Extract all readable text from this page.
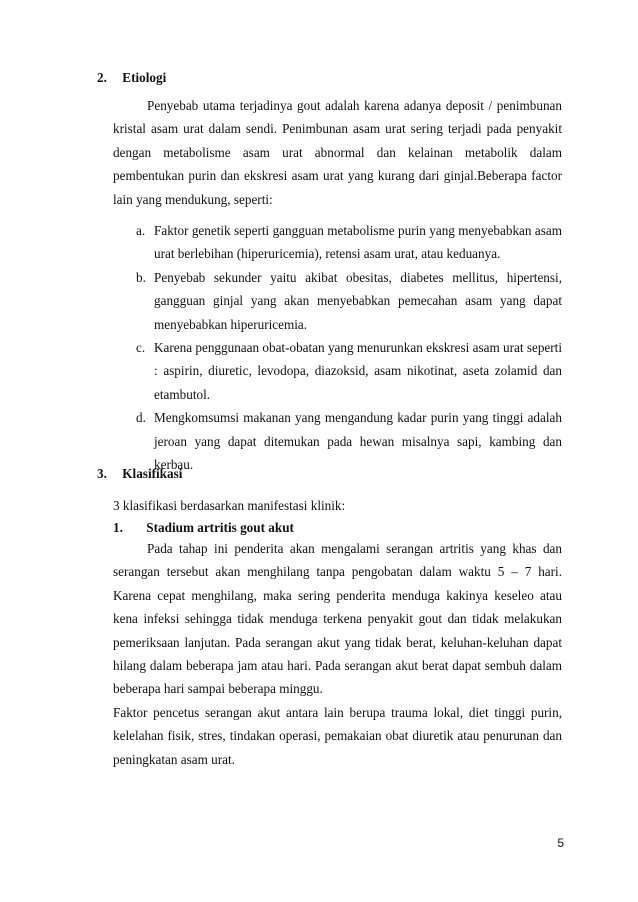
2. Etiologi

Penyebab utama terjadinya gout adalah karena adanya deposit / penimbunan kristal asam urat dalam sendi. Penimbunan asam urat sering terjadi pada penyakit dengan metabolisme asam urat abnormal dan kelainan metabolik dalam pembentukan purin dan ekskresi asam urat yang kurang dari ginjal.Beberapa factor lain yang mendukung, seperti:

a. Faktor genetik seperti gangguan metabolisme purin yang menyebabkan asam urat berlebihan (hiperuricemia), retensi asam urat, atau keduanya.
b. Penyebab sekunder yaitu akibat obesitas, diabetes mellitus, hipertensi, gangguan ginjal yang akan menyebabkan pemecahan asam yang dapat menyebabkan hiperuricemia.
c. Karena penggunaan obat-obatan yang menurunkan ekskresi asam urat seperti : aspirin, diuretic, levodopa, diazoksid, asam nikotinat, aseta zolamid dan etambutol.
d. Mengkomsumsi makanan yang mengandung kadar purin yang tinggi adalah jeroan yang dapat ditemukan pada hewan misalnya sapi, kambing dan kerbau.
3. Klasifikasi
3 klasifikasi berdasarkan manifestasi klinik:
1. Stadium artritis gout akut

Pada tahap ini penderita akan mengalami serangan artritis yang khas dan serangan tersebut akan menghilang tanpa pengobatan dalam waktu 5 – 7 hari. Karena cepat menghilang, maka sering penderita menduga kakinya keseleo atau kena infeksi sehingga tidak menduga terkena penyakit gout dan tidak melakukan pemeriksaan lanjutan. Pada serangan akut yang tidak berat, keluhan-keluhan dapat hilang dalam beberapa jam atau hari. Pada serangan akut berat dapat sembuh dalam beberapa hari sampai beberapa minggu.

Faktor pencetus serangan akut antara lain berupa trauma lokal, diet tinggi purin, kelelahan fisik, stres, tindakan operasi, pemakaian obat diuretik atau penurunan dan peningkatan asam urat.

5
